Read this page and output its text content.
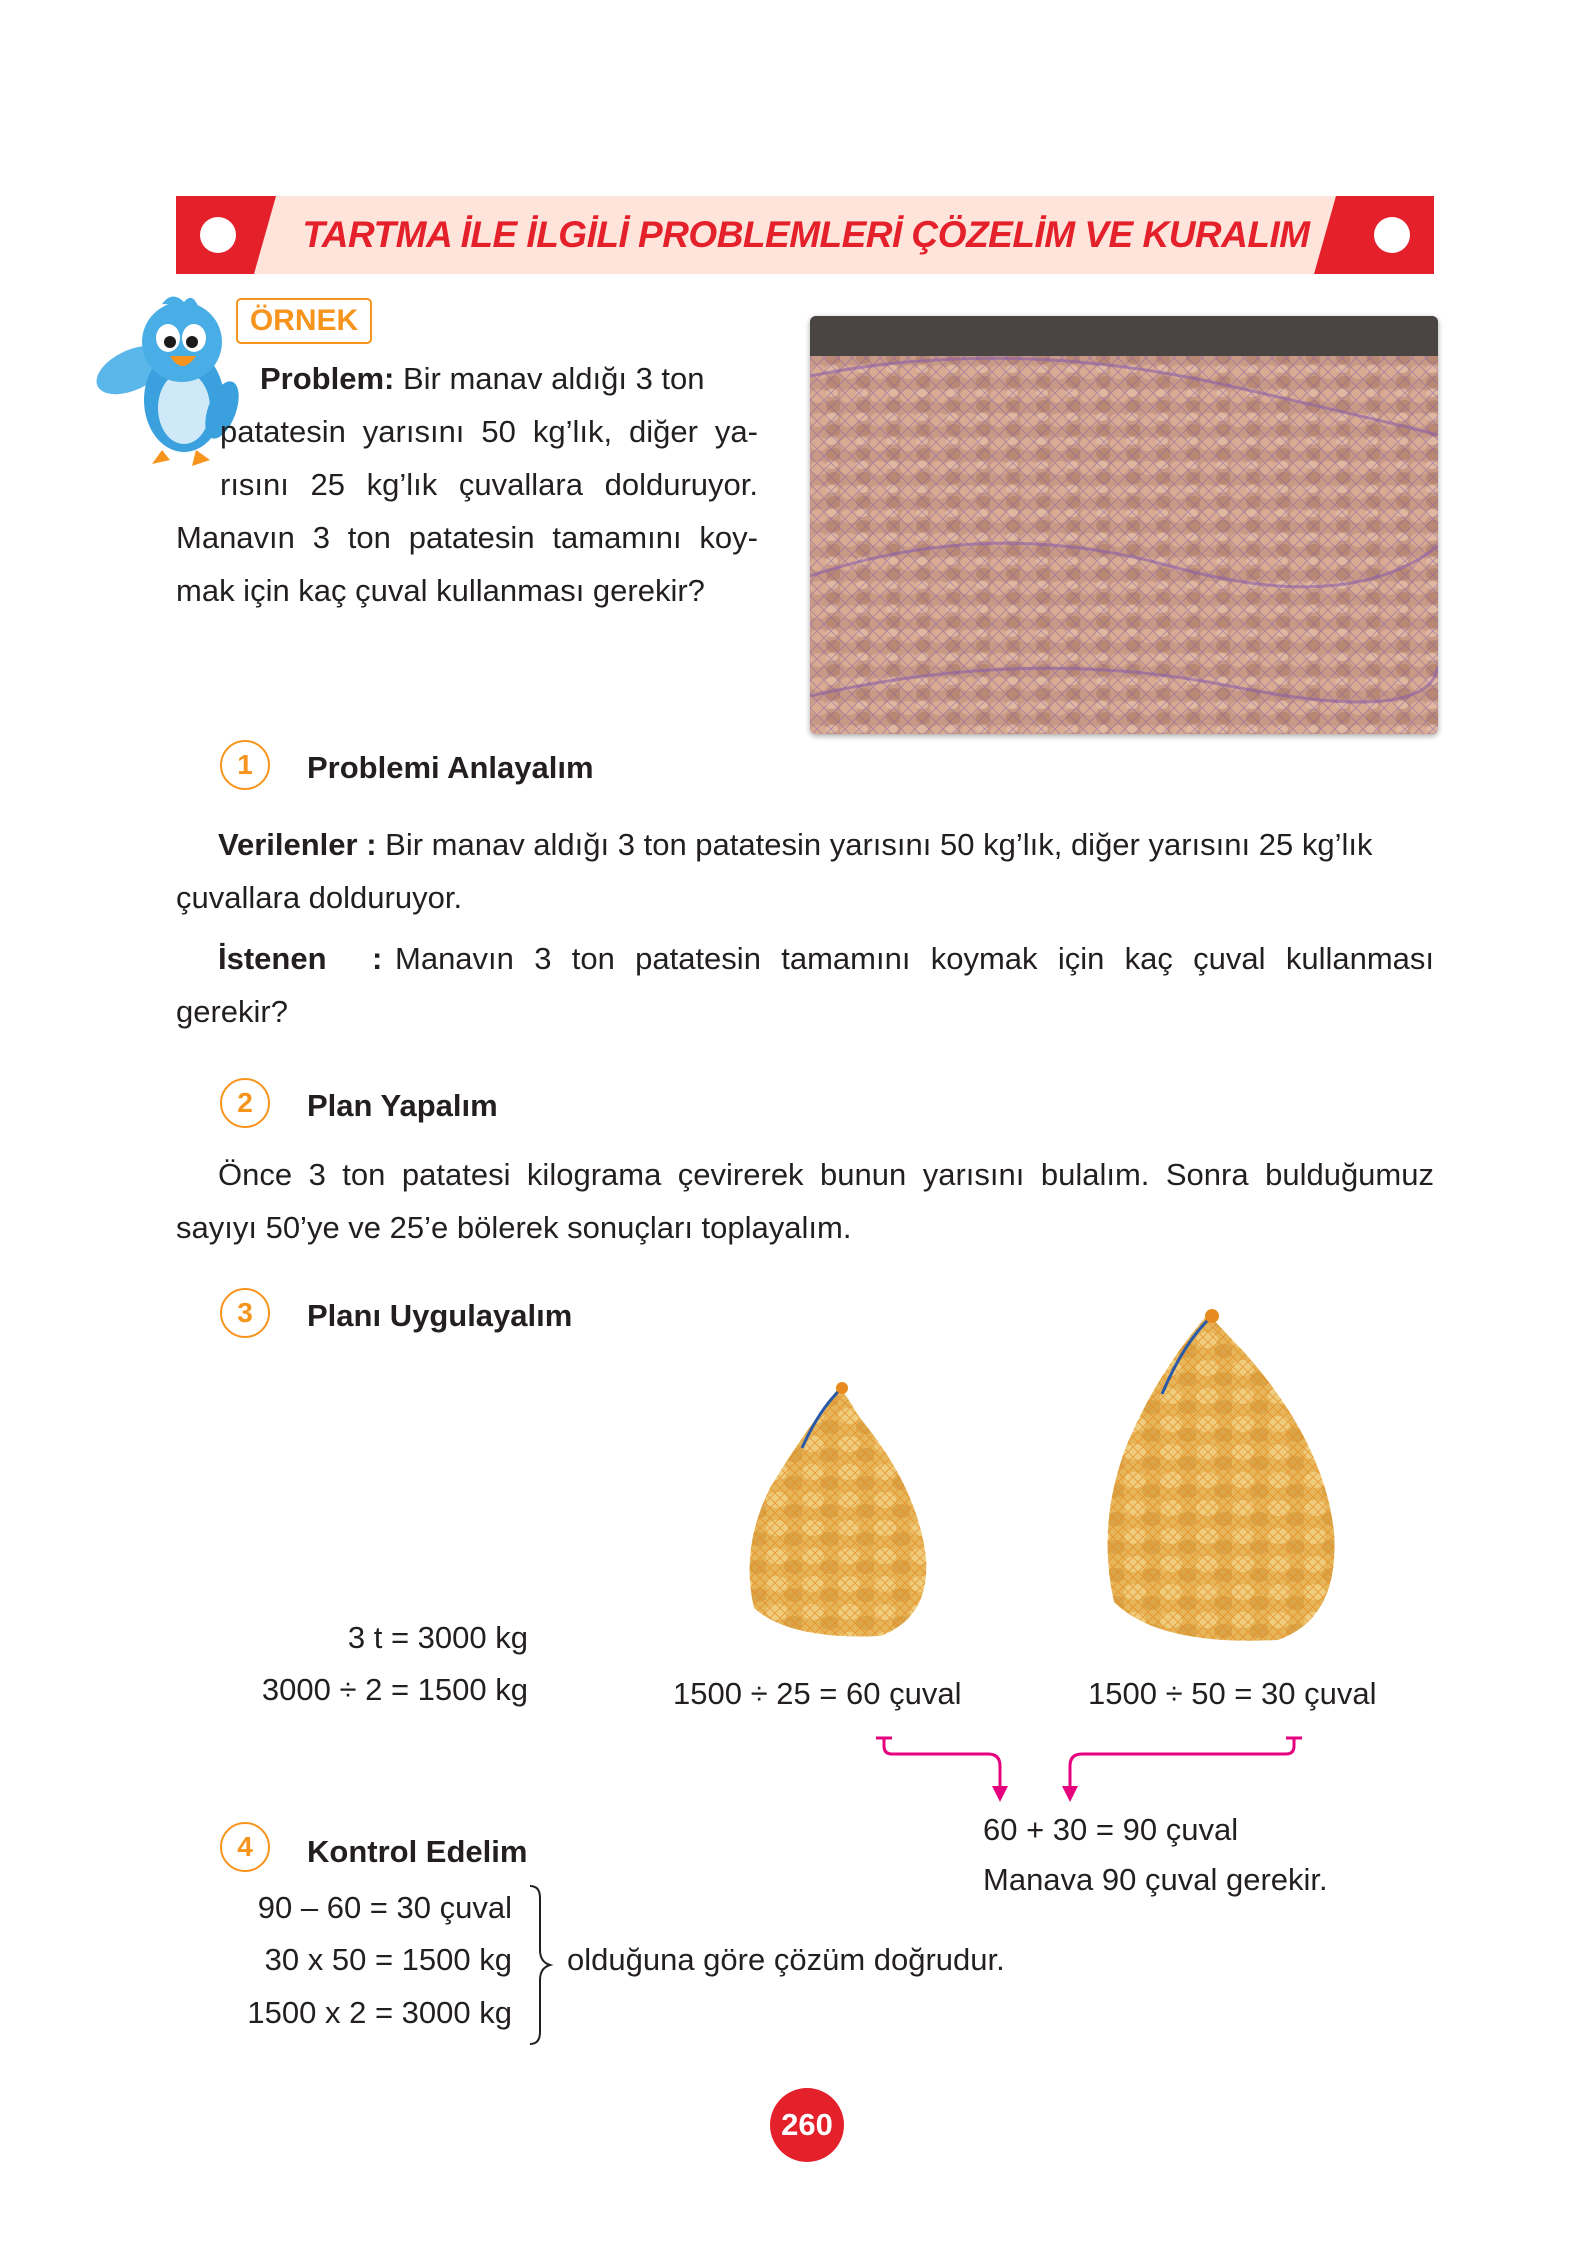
TARTMA İLE İLGİLİ PROBLEMLERİ ÇÖZELİM VE KURALIM
ÖRNEK
Problem: Bir manav aldığı 3 ton
patatesin yarısını 50 kg’lık, diğer ya-
rısını 25 kg’lık çuvallara dolduruyor.
Manavın 3 ton patatesin tamamını koy-
mak için kaç çuval kullanması gerekir?
1	Problemi Anlayalım
Verilenler : Bir manav aldığı 3 ton patatesin yarısını 50 kg’lık, diğer yarısını 25 kg’lık
çuvallara dolduruyor.
İstenen : Manavın 3 ton patatesin tamamını koymak için kaç çuval kullanması
gerekir?
2	Plan Yapalım
Önce 3 ton patatesi kilograma çevirerek bunun yarısını bulalım. Sonra bulduğumuz
sayıyı 50’ye ve 25’e bölerek sonuçları toplayalım.
3	Planı Uygulayalım
3 t = 3000 kg
3000 ÷ 2 = 1500 kg	1500 ÷ 25 = 60 çuval	1500 ÷ 50 = 30 çuval
60 + 30 = 90 çuval
Manava 90 çuval gerekir.
4	Kontrol Edelim
90 – 60 = 30 çuval
30 x 50 = 1500 kg
1500 x 2 = 3000 kg
olduğuna göre çözüm doğrudur.
260
